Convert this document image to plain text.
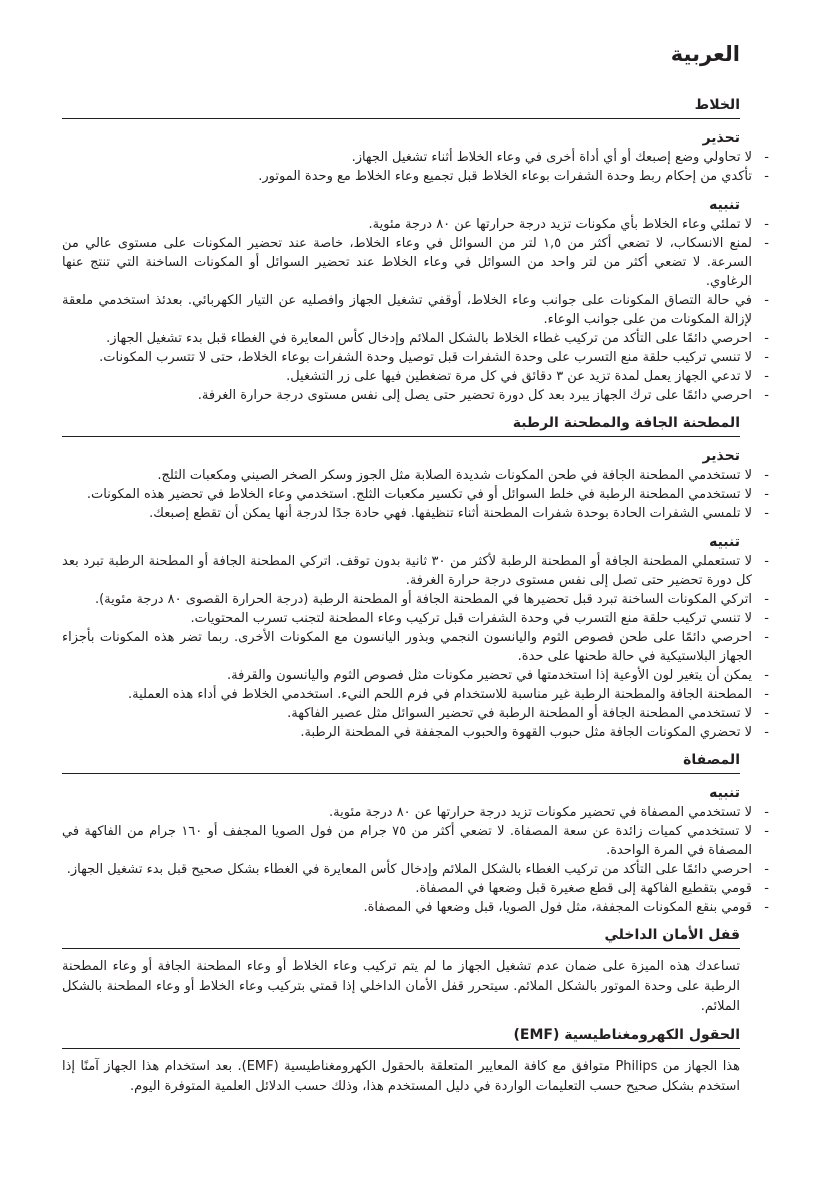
العربية
الخلاط
تحذير
- لا تحاولي وضع إصبعك أو أي أداة أخرى في وعاء الخلاط أثناء تشغيل الجهاز.
- تأكدي من إحكام ربط وحدة الشفرات بوعاء الخلاط قبل تجميع وعاء الخلاط مع وحدة الموتور.
تنبيه
- لا تملئي وعاء الخلاط بأي مكونات تزيد درجة حرارتها عن ٨٠ درجة مئوية.
- لمنع الانسكاب، لا تضعي أكثر من ١,٥ لتر من السوائل في وعاء الخلاط، خاصة عند تحضير المكونات على مستوى عالي من السرعة. لا تضعي أكثر من لتر واحد من السوائل في وعاء الخلاط عند تحضير السوائل أو المكونات الساخنة التي تنتج عنها الرغاوي.
- في حالة التصاق المكونات على جوانب وعاء الخلاط، أوقفي تشغيل الجهاز وافصليه عن التيار الكهربائي. بعدئذ استخدمي ملعقة لإزالة المكونات من على جوانب الوعاء.
- احرصي دائمًا على التأكد من تركيب غطاء الخلاط بالشكل الملائم وإدخال كأس المعايرة في الغطاء قبل بدء تشغيل الجهاز.
- لا تنسي تركيب حلقة منع التسرب على وحدة الشفرات قبل توصيل وحدة الشفرات بوعاء الخلاط، حتى لا تتسرب المكونات.
- لا تدعي الجهاز يعمل لمدة تزيد عن ٣ دقائق في كل مرة تضغطين فيها على زر التشغيل.
- احرصي دائمًا على ترك الجهاز يبرد بعد كل دورة تحضير حتى يصل إلى نفس مستوى درجة حرارة الغرفة.
المطحنة الجافة والمطحنة الرطبة
تحذير
- لا تستخدمي المطحنة الجافة في طحن المكونات شديدة الصلابة مثل الجوز وسكر الصخر الصيني ومكعبات الثلج.
- لا تستخدمي المطحنة الرطبة في خلط السوائل أو في تكسير مكعبات الثلج. استخدمي وعاء الخلاط في تحضير هذه المكونات.
- لا تلمسي الشفرات الحادة بوحدة شفرات المطحنة أثناء تنظيفها. فهي حادة جدًا لدرجة أنها يمكن أن تقطع إصبعك.
تنبيه
- لا تستعملي المطحنة الجافة أو المطحنة الرطبة لأكثر من ٣٠ ثانية بدون توقف. اتركي المطحنة الجافة أو المطحنة الرطبة تبرد بعد كل دورة تحضير حتى تصل إلى نفس مستوى درجة حرارة الغرفة.
- اتركي المكونات الساخنة تبرد قبل تحضيرها في المطحنة الجافة أو المطحنة الرطبة (درجة الحرارة القصوى ٨٠ درجة مئوية).
- لا تنسي تركيب حلقة منع التسرب في وحدة الشفرات قبل تركيب وعاء المطحنة لتجنب تسرب المحتويات.
- احرصي دائمًا على طحن فصوص الثوم واليانسون النجمي وبذور اليانسون مع المكونات الأخرى. ربما تضر هذه المكونات بأجزاء الجهاز البلاستيكية في حالة طحنها على حدة.
- يمكن أن يتغير لون الأوعية إذا استخدمتها في تحضير مكونات مثل فصوص الثوم واليانسون والقرفة.
- المطحنة الجافة والمطحنة الرطبة غير مناسبة للاستخدام في فرم اللحم النيء. استخدمي الخلاط في أداء هذه العملية.
- لا تستخدمي المطحنة الجافة أو المطحنة الرطبة في تحضير السوائل مثل عصير الفاكهة.
- لا تحضري المكونات الجافة مثل حبوب القهوة والحبوب المجففة في المطحنة الرطبة.
المصفاة
تنبيه
- لا تستخدمي المصفاة في تحضير مكونات تزيد درجة حرارتها عن ٨٠ درجة مئوية.
- لا تستخدمي كميات زائدة عن سعة المصفاة. لا تضعي أكثر من ٧٥ جرام من فول الصويا المجفف أو ١٦٠ جرام من الفاكهة في المصفاة في المرة الواحدة.
- احرصي دائمًا على التأكد من تركيب الغطاء بالشكل الملائم وإدخال كأس المعايرة في الغطاء بشكل صحيح قبل بدء تشغيل الجهاز.
- قومي بتقطيع الفاكهة إلى قطع صغيرة قبل وضعها في المصفاة.
- قومي بنقع المكونات المجففة، مثل فول الصويا، قبل وضعها في المصفاة.
قفل الأمان الداخلي

تساعدك هذه الميزة على ضمان عدم تشغيل الجهاز ما لم يتم تركيب وعاء الخلاط أو وعاء المطحنة الجافة أو وعاء المطحنة الرطبة على وحدة الموتور بالشكل الملائم. سيتحرر قفل الأمان الداخلي إذا قمتي بتركيب وعاء الخلاط أو وعاء المطحنة بالشكل الملائم.

الحقول الكهرومغناطيسية (EMF)

هذا الجهاز من Philips متوافق مع كافة المعايير المتعلقة بالحقول الكهرومغناطيسية (EMF). بعد استخدام هذا الجهاز آمنًا إذا استخدم بشكل صحيح حسب التعليمات الواردة في دليل المستخدم هذا، وذلك حسب الدلائل العلمية المتوفرة اليوم.
